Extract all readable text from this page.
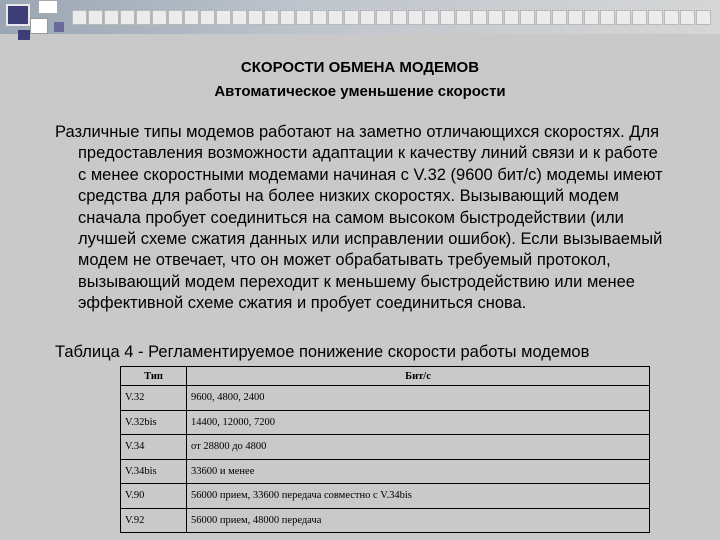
СКОРОСТИ ОБМЕНА МОДЕМОВ
Автоматическое уменьшение скорости

Различные типы модемов работают на заметно отличающихся скоростях. Для предоставления возможности адаптации к качеству линий связи и к работе с менее скоростными модемами начиная с V.32 (9600 бит/с) модемы имеют средства для работы на более низких скоростях. Вызывающий модем сначала пробует соединиться на самом высоком быстродействии (или лучшей схеме сжатия данных или исправлении ошибок). Если вызываемый модем не отвечает, что он может обрабатывать требуемый протокол, вызывающий модем переходит к меньшему быстродействию или менее эффективной схеме сжатия и пробует соединиться снова.

Таблица 4 - Регламентируемое понижение скорости работы модемов
Тип	Бит/с
V.32	9600, 4800, 2400
V.32bis	14400, 12000, 7200
V.34	от 28800 до 4800
V.34bis	33600 и менее
V.90	56000 прием, 33600 передача совместно с V.34bis
V.92	56000 прием, 48000 передача
